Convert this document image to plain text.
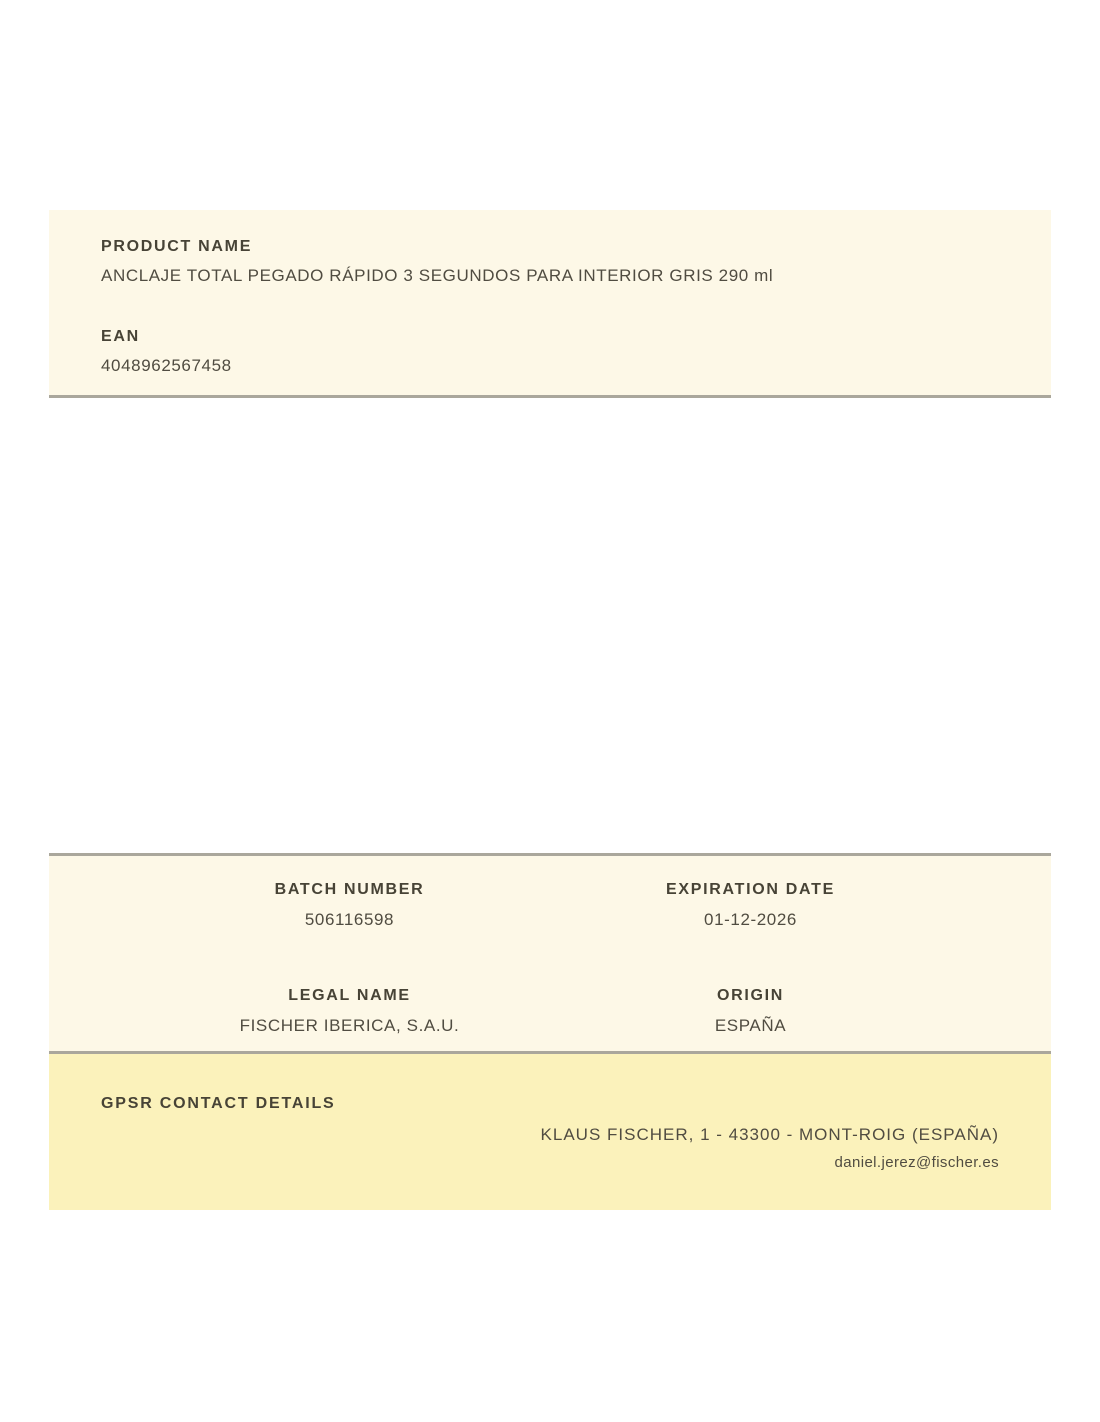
PRODUCT NAME
ANCLAJE TOTAL PEGADO RÁPIDO 3 SEGUNDOS PARA INTERIOR GRIS 290 ml
EAN
4048962567458
BATCH NUMBER
506116598
EXPIRATION DATE
01-12-2026
LEGAL NAME
FISCHER IBERICA, S.A.U.
ORIGIN
ESPAÑA
GPSR CONTACT DETAILS
KLAUS FISCHER, 1 - 43300 - MONT-ROIG (ESPAÑA)
daniel.jerez@fischer.es
